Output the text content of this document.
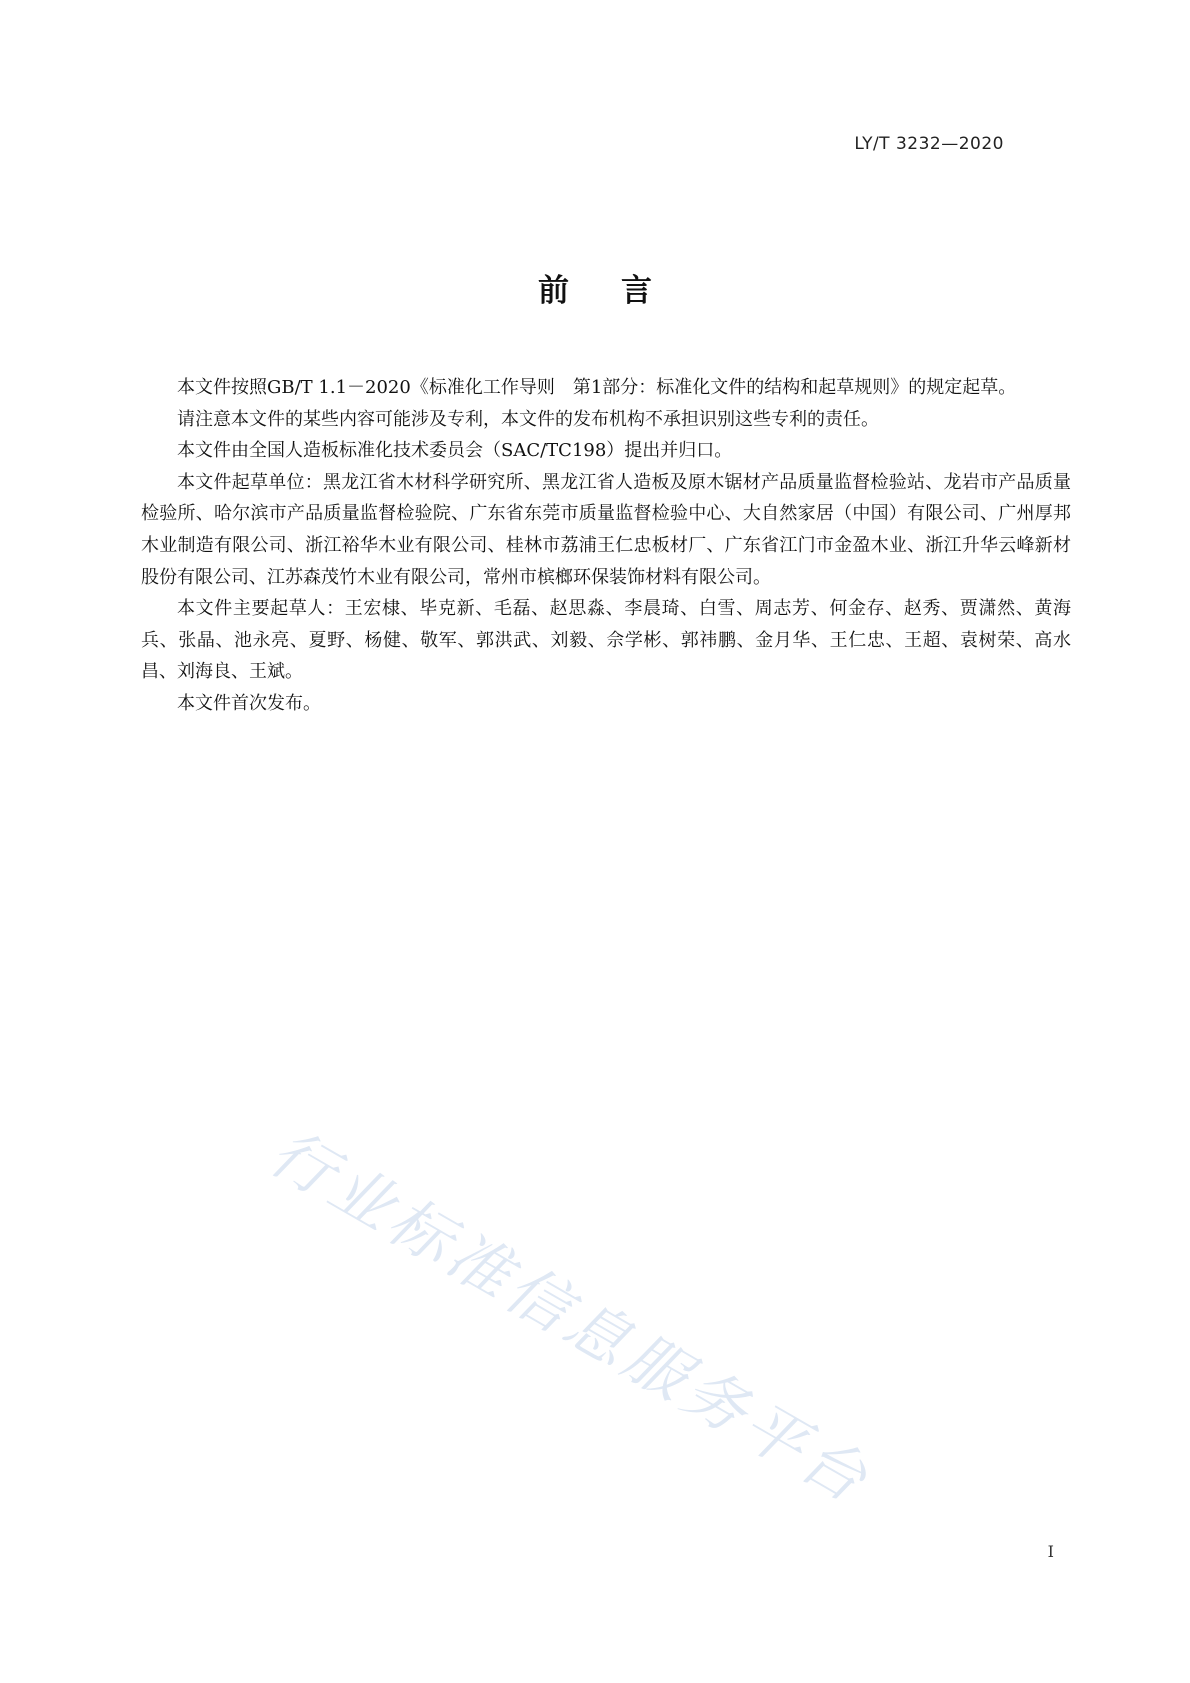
LY/T 3232—2020
前言

本文件按照GB/T 1.1－2020《标准化工作导则　第1部分：标准化文件的结构和起草规则》的规定起草。

请注意本文件的某些内容可能涉及专利，本文件的发布机构不承担识别这些专利的责任。

本文件由全国人造板标准化技术委员会（SAC/TC198）提出并归口。

本文件起草单位：黑龙江省木材科学研究所、黑龙江省人造板及原木锯材产品质量监督检验站、龙岩市产品质量检验所、哈尔滨市产品质量监督检验院、广东省东莞市质量监督检验中心、大自然家居（中国）有限公司、广州厚邦木业制造有限公司、浙江裕华木业有限公司、桂林市荔浦王仁忠板材厂、广东省江门市金盈木业、浙江升华云峰新材股份有限公司、江苏森茂竹木业有限公司，常州市槟榔环保装饰材料有限公司。

本文件主要起草人：王宏棣、毕克新、毛磊、赵思淼、李晨琦、白雪、周志芳、何金存、赵秀、贾潇然、黄海兵、张晶、池永亮、夏野、杨健、敬军、郭洪武、刘毅、佘学彬、郭祎鹏、金月华、王仁忠、王超、袁树荣、高水昌、刘海良、王斌。

本文件首次发布。

行业标准信息服务平台
I
